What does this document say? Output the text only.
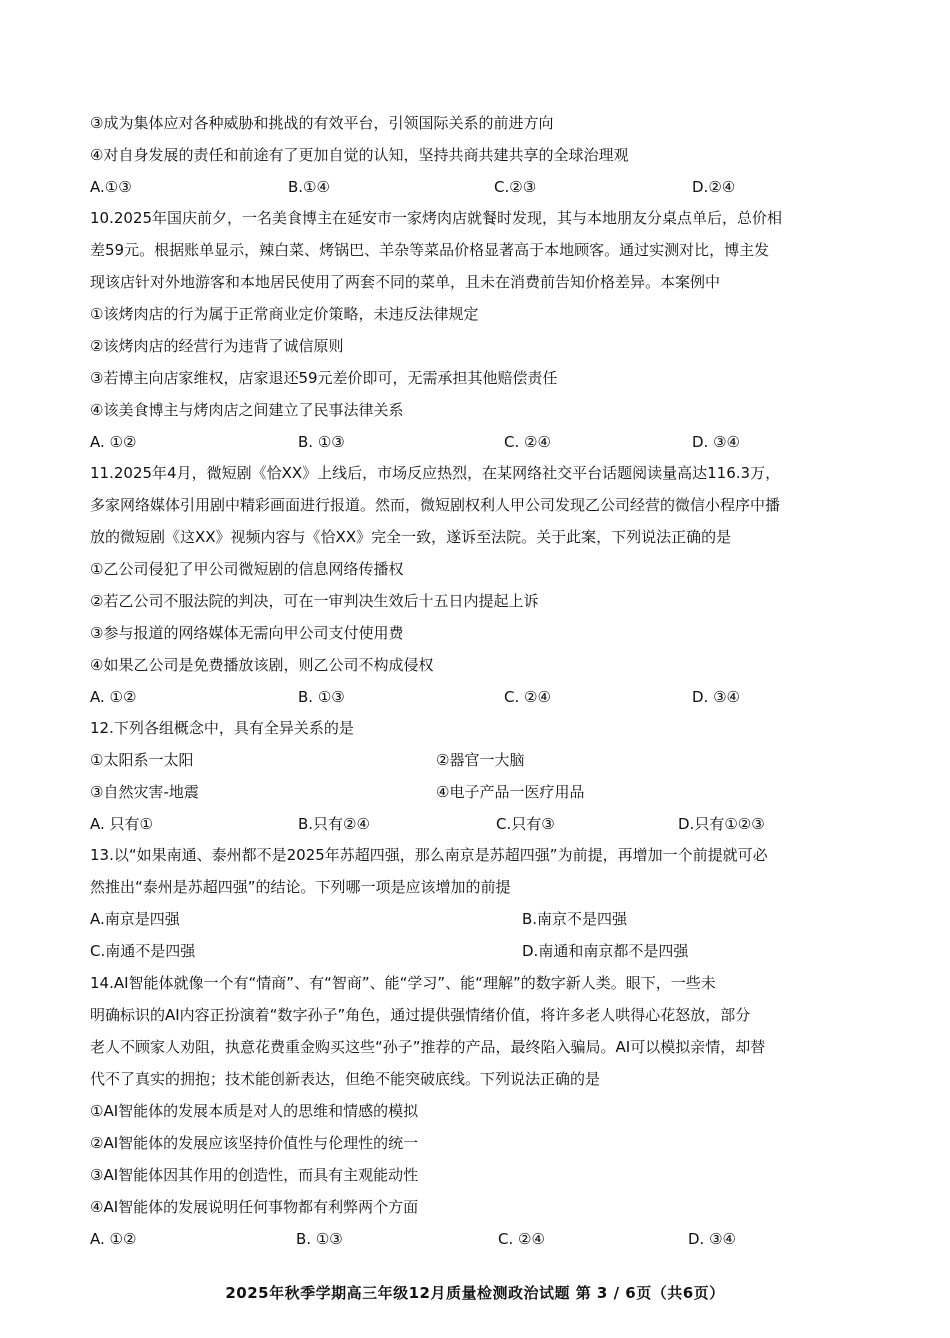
③成为集体应对各种威胁和挑战的有效平台，引领国际关系的前进方向
④对自身发展的责任和前途有了更加自觉的认知，坚持共商共建共享的全球治理观
A.①③	B.①④	C.②③	D.②④
10.2025年国庆前夕，一名美食博主在延安市一家烤肉店就餐时发现，其与本地朋友分桌点单后，总价相
差59元。根据账单显示，辣白菜、烤锅巴、羊杂等菜品价格显著高于本地顾客。通过实测对比，博主发
现该店针对外地游客和本地居民使用了两套不同的菜单，且未在消费前告知价格差异。本案例中
①该烤肉店的行为属于正常商业定价策略，未违反法律规定
②该烤肉店的经营行为违背了诚信原则
③若博主向店家维权，店家退还59元差价即可，无需承担其他赔偿责任
④该美食博主与烤肉店之间建立了民事法律关系
A. ①②	B. ①③	C. ②④	D. ③④
11.2025年4月，微短剧《恰XX》上线后，市场反应热烈，在某网络社交平台话题阅读量高达116.3万，
多家网络媒体引用剧中精彩画面进行报道。然而，微短剧权利人甲公司发现乙公司经营的微信小程序中播
放的微短剧《这XX》视频内容与《恰XX》完全一致，遂诉至法院。关于此案，下列说法正确的是
①乙公司侵犯了甲公司微短剧的信息网络传播权
②若乙公司不服法院的判决，可在一审判决生效后十五日内提起上诉
③参与报道的网络媒体无需向甲公司支付使用费
④如果乙公司是免费播放该剧，则乙公司不构成侵权
A. ①②	B. ①③	C. ②④	D. ③④
12.下列各组概念中，具有全异关系的是
①太阳系一太阳	②器官一大脑
③自然灾害-地震	④电子产品一医疗用品
A. 只有①	B.只有②④	C.只有③	D.只有①②③
13.以“如果南通、泰州都不是2025年苏超四强，那么南京是苏超四强”为前提，再增加一个前提就可必
然推出“泰州是苏超四强”的结论。下列哪一项是应该增加的前提
A.南京是四强	B.南京不是四强
C.南通不是四强	D.南通和南京都不是四强
14.AI智能体就像一个有“情商”、有“智商”、能“学习”、能“理解”的数字新人类。眼下，一些未
明确标识的AI内容正扮演着“数字孙子”角色，通过提供强情绪价值，将许多老人哄得心花怒放，部分
老人不顾家人劝阻，执意花费重金购买这些“孙子”推荐的产品，最终陷入骗局。AI可以模拟亲情，却替
代不了真实的拥抱；技术能创新表达，但绝不能突破底线。下列说法正确的是
①AI智能体的发展本质是对人的思维和情感的模拟
②AI智能体的发展应该坚持价值性与伦理性的统一
③AI智能体因其作用的创造性，而具有主观能动性
④AI智能体的发展说明任何事物都有利弊两个方面
A. ①②	B. ①③	C. ②④	D. ③④
2025年秋季学期高三年级12月质量检测政治试题 第 3 / 6页（共6页）
